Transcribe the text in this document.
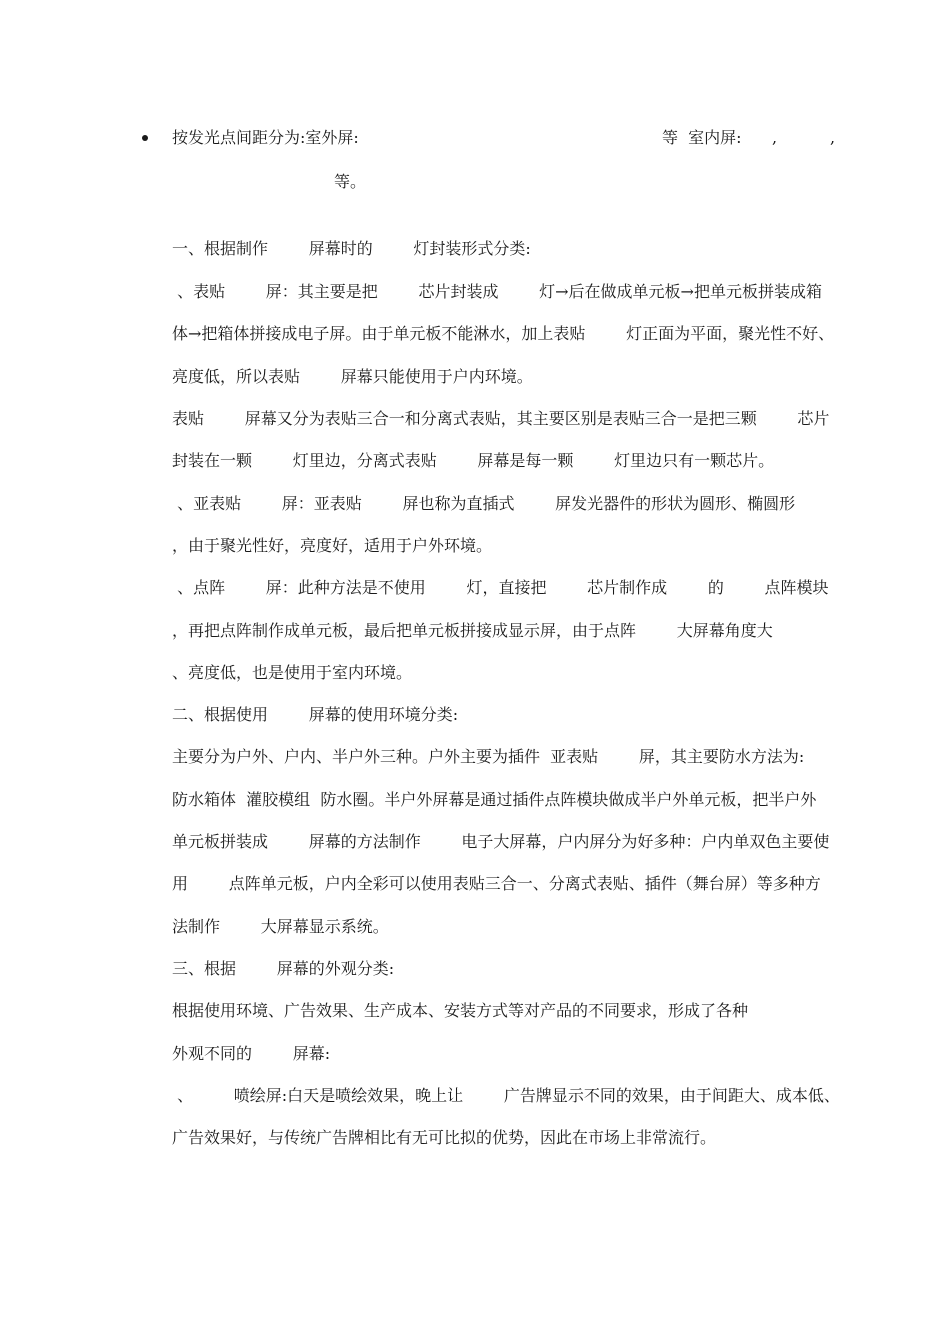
按发光点间距分为:室外屏:	等  室内屏: ,	,
等。
一、根据制作        屏幕时的        灯封装形式分类:
、表贴        屏：其主要是把        芯片封装成        灯→后在做成单元板→把单元板拼装成箱
体→把箱体拼接成电子屏。由于单元板不能淋水，加上表贴        灯正面为平面，聚光性不好、
亮度低，所以表贴        屏幕只能使用于户内环境。
表贴        屏幕又分为表贴三合一和分离式表贴，其主要区别是表贴三合一是把三颗        芯片
封装在一颗        灯里边，分离式表贴        屏幕是每一颗        灯里边只有一颗芯片。
、亚表贴        屏：亚表贴        屏也称为直插式        屏发光器件的形状为圆形、椭圆形
，由于聚光性好，亮度好，适用于户外环境。
、点阵        屏：此种方法是不使用        灯，直接把        芯片制作成        的        点阵模块
，再把点阵制作成单元板，最后把单元板拼接成显示屏，由于点阵        大屏幕角度大
、亮度低，也是使用于室内环境。
二、根据使用        屏幕的使用环境分类:
主要分为户外、户内、半户外三种。户外主要为插件  亚表贴        屏，其主要防水方法为:
防水箱体  灌胶模组  防水圈。半户外屏幕是通过插件点阵模块做成半户外单元板，把半户外
单元板拼装成        屏幕的方法制作        电子大屏幕，户内屏分为好多种：户内单双色主要使
用        点阵单元板，户内全彩可以使用表贴三合一、分离式表贴、插件（舞台屏）等多种方
法制作        大屏幕显示系统。
三、根据        屏幕的外观分类:
根据使用环境、广告效果、生产成本、安装方式等对产品的不同要求，形成了各种
外观不同的        屏幕:
、        喷绘屏:白天是喷绘效果，晚上让        广告牌显示不同的效果，由于间距大、成本低、
广告效果好，与传统广告牌相比有无可比拟的优势，因此在市场上非常流行。
